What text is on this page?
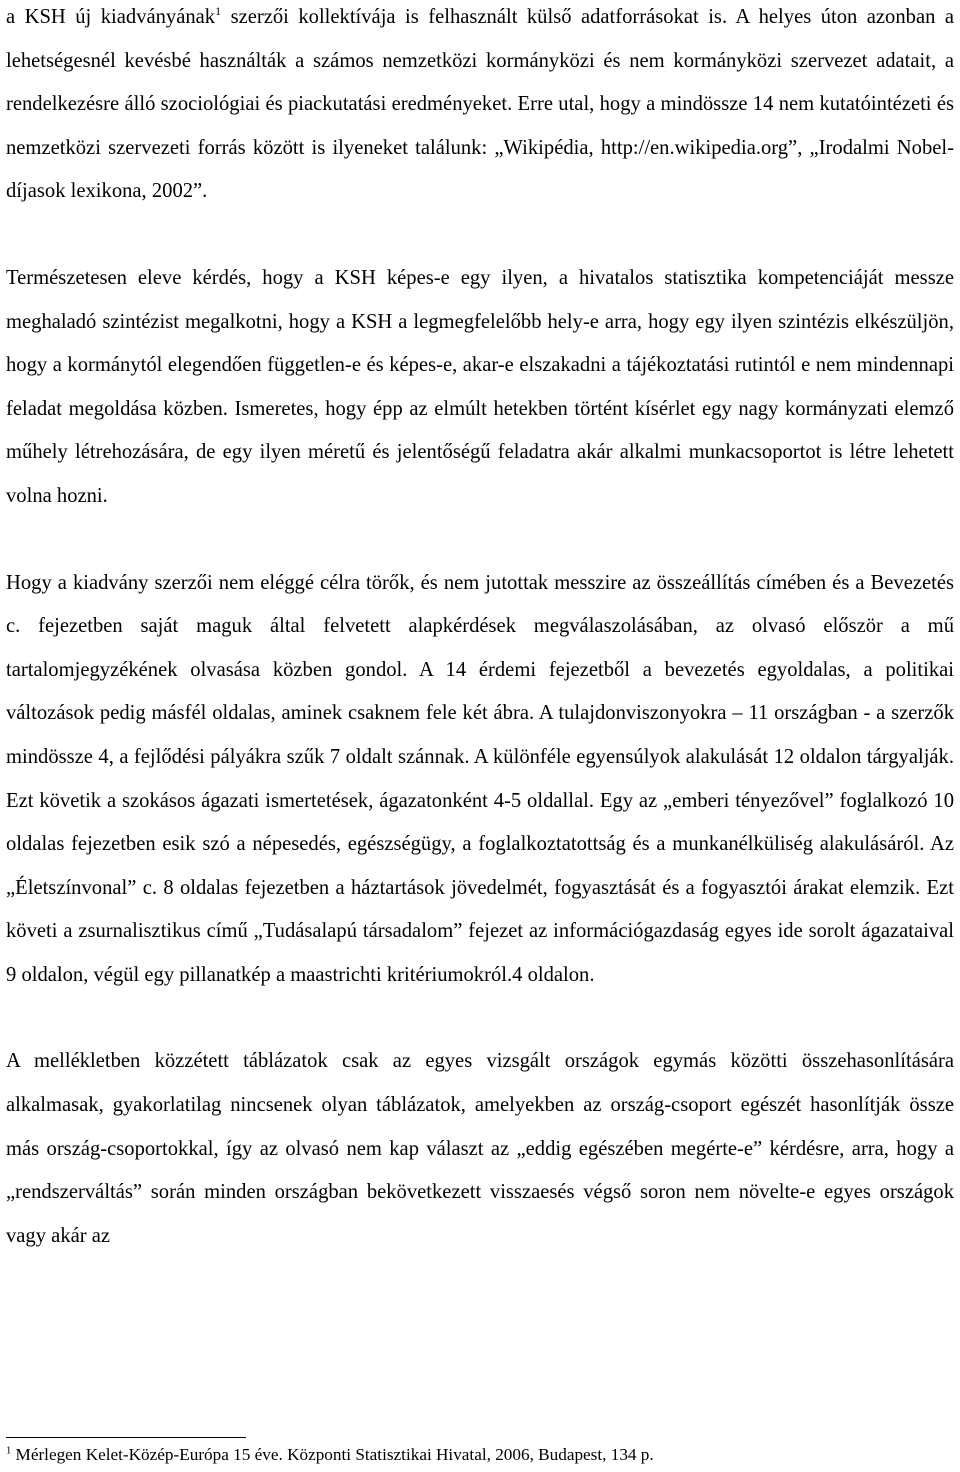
a KSH új kiadványának$^1$ szerzői kollektívája is felhasznált külső adatforrásokat is. A helyes úton azonban a lehetségesnél kevésbé használták a számos nemzetközi kormányközi és nem kormányközi szervezet adatait, a rendelkezésre álló szociológiai és piackutatási eredményeket. Erre utal, hogy a mindössze 14 nem kutatóintézeti és nemzetközi szervezeti forrás között is ilyeneket találunk: „Wikipédia, http://en.wikipedia.org”, „Irodalmi Nobel-díjasok lexikona, 2002”.

Természetesen eleve kérdés, hogy a KSH képes-e egy ilyen, a hivatalos statisztika kompetenciáját messze meghaladó szintézist megalkotni, hogy a KSH a legmegfelelőbb hely-e arra, hogy egy ilyen szintézis elkészüljön, hogy a kormánytól elegendően független-e és képes-e, akar-e elszakadni a tájékoztatási rutintól e nem mindennapi feladat megoldása közben. Ismeretes, hogy épp az elmúlt hetekben történt kísérlet egy nagy kormányzati elemző műhely létrehozására, de egy ilyen méretű és jelentőségű feladatra akár alkalmi munkacsoportot is létre lehetett volna hozni.

Hogy a kiadvány szerzői nem eléggé célra törők, és nem jutottak messzire az összeállítás címében és a Bevezetés c. fejezetben saját maguk által felvetett alapkérdések megválaszolásában, az olvasó először a mű tartalomjegyzékének olvasása közben gondol. A 14 érdemi fejezetből a bevezetés egyoldalas, a politikai változások pedig másfél oldalas, aminek csaknem fele két ábra. A tulajdonviszonyokra – 11 országban - a szerzők mindössze 4, a fejlődési pályákra szűk 7 oldalt szánnak. A különféle egyensúlyok alakulását 12 oldalon tárgyalják. Ezt követik a szokásos ágazati ismertetések, ágazatonként 4-5 oldallal. Egy az „emberi tényezővel” foglalkozó 10 oldalas fejezetben esik szó a népesedés, egészségügy, a foglalkoztatottság és a munkanélküliség alakulásáról. Az „Életszínvonal” c. 8 oldalas fejezetben a háztartások jövedelmét, fogyasztását és a fogyasztói árakat elemzik. Ezt követi a zsurnalisztikus című „Tudásalapú társadalom” fejezet az információgazdaság egyes ide sorolt ágazataival 9 oldalon, végül egy pillanatkép a maastrichti kritériumokról.4 oldalon.

A mellékletben közzétett táblázatok csak az egyes vizsgált országok egymás közötti összehasonlítására alkalmasak, gyakorlatilag nincsenek olyan táblázatok, amelyekben az ország-csoport egészét hasonlítják össze más ország-csoportokkal, így az olvasó nem kap választ az „eddig egészében megérte-e” kérdésre, arra, hogy a „rendszerváltás” során minden országban bekövetkezett visszaesés végső soron nem növelte-e egyes országok vagy akár az

$^1$ Mérlegen Kelet-Közép-Európa 15 éve. Központi Statisztikai Hivatal, 2006, Budapest, 134 p.
